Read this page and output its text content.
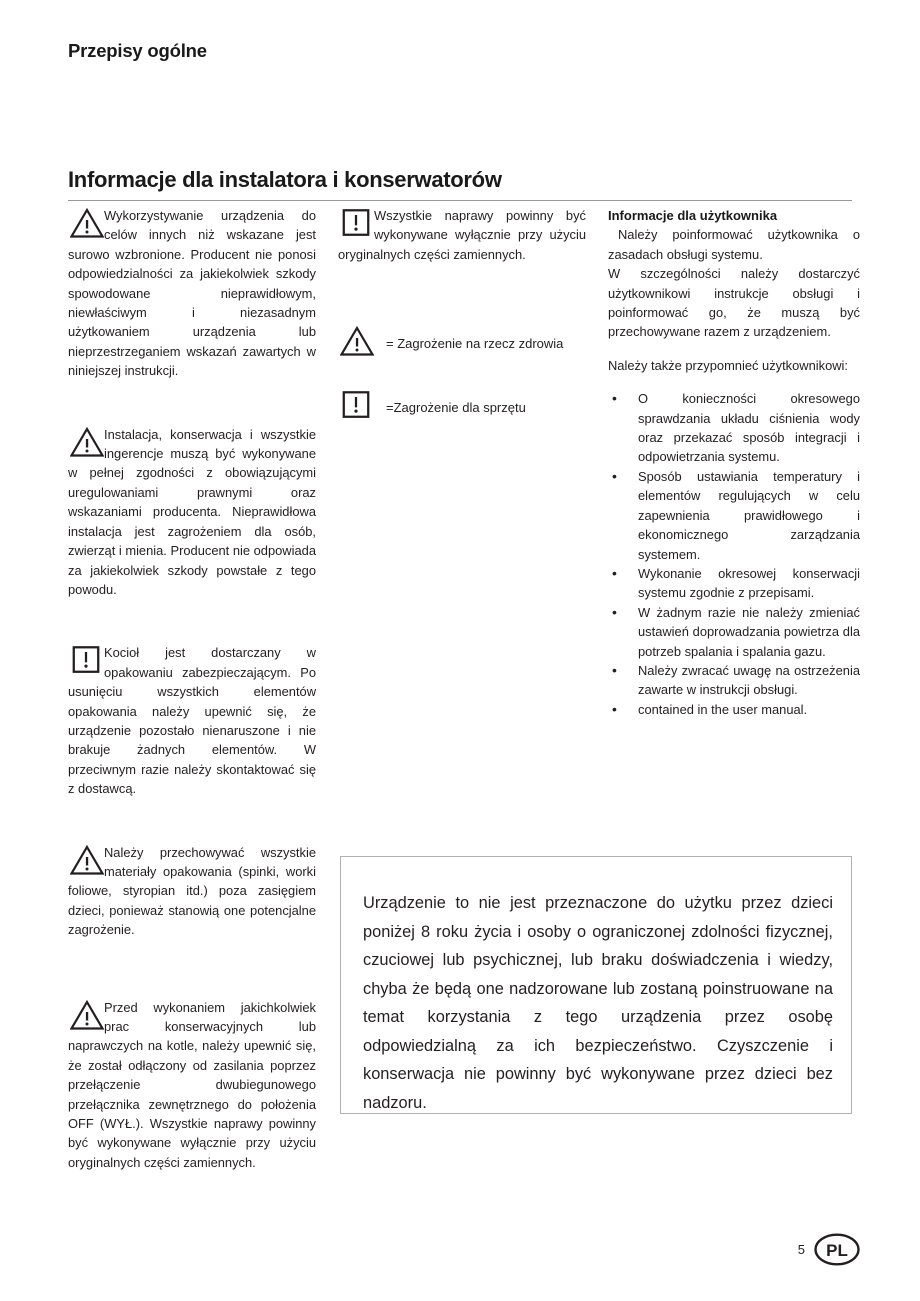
Przepisy ogólne
Informacje dla instalatora i konserwatorów
Wykorzystywanie urządzenia do celów innych niż wskazane jest surowo wzbronione. Producent nie ponosi odpowiedzialności za jakiekolwiek szkody spowodowane nieprawidłowym, niewłaściwym i niezasadnym użytkowaniem urządzenia lub nieprzestrzeganiem wskazań zawartych w niniejszej instrukcji.
Instalacja, konserwacja i wszystkie ingerencje muszą być wykonywane w pełnej zgodności z obowiązującymi uregulowaniami prawnymi oraz wskazaniami producenta. Nieprawidłowa instalacja jest zagrożeniem dla osób, zwierząt i mienia. Producent nie odpowiada za jakiekolwiek szkody powstałe z tego powodu.
Kocioł jest dostarczany w opakowaniu zabezpieczającym. Po usunięciu wszystkich elementów opakowania należy upewnić się, że urządzenie pozostało nienaruszone i nie brakuje żadnych elementów. W przeciwnym razie należy skontaktować się z dostawcą.
Należy przechowywać wszystkie materiały opakowania (spinki, worki foliowe, styropian itd.) poza zasięgiem dzieci, ponieważ stanowią one potencjalne zagrożenie.
Przed wykonaniem jakichkolwiek prac konserwacyjnych lub naprawczych na kotle, należy upewnić się, że został odłączony od zasilania poprzez przełączenie dwubiegunowego przełącznika zewnętrznego do położenia OFF (WYŁ.). Wszystkie naprawy powinny być wykonywane wyłącznie przy użyciu oryginalnych części zamiennych.
Wszystkie naprawy powinny być wykonywane wyłącznie przy użyciu oryginalnych części zamiennych.
= Zagrożenie na rzecz zdrowia
=Zagrożenie dla sprzętu
Informacje dla użytkownika
Należy poinformować użytkownika o zasadach obsługi systemu.
W szczególności należy dostarczyć użytkownikowi instrukcje obsługi i poinformować go, że muszą być przechowywane razem z urządzeniem.
Należy także przypomnieć użytkownikowi:
• O konieczności okresowego sprawdzania układu ciśnienia wody oraz przekazać sposób integracji i odpowietrzania systemu.
• Sposób ustawiania temperatury i elementów regulujących w celu zapewnienia prawidłowego i ekonomicznego zarządzania systemem.
• Wykonanie okresowej konserwacji systemu zgodnie z przepisami.
• W żadnym razie nie należy zmieniać ustawień doprowadzania powietrza dla potrzeb spalania i spalania gazu.
• Należy zwracać uwagę na ostrzeżenia zawarte w instrukcji obsługi.
• contained in the user manual.
Urządzenie to nie jest przeznaczone do użytku przez dzieci poniżej 8 roku życia i osoby o ograniczonej zdolności fizycznej, czuciowej lub psychicznej, lub braku doświadczenia i wiedzy, chyba że będą one nadzorowane lub zostaną poinstruowane na temat korzystania z tego urządzenia przez osobę odpowiedzialną za ich bezpieczeństwo. Czyszczenie i konserwacja nie powinny być wykonywane przez dzieci bez nadzoru.
5 PL
